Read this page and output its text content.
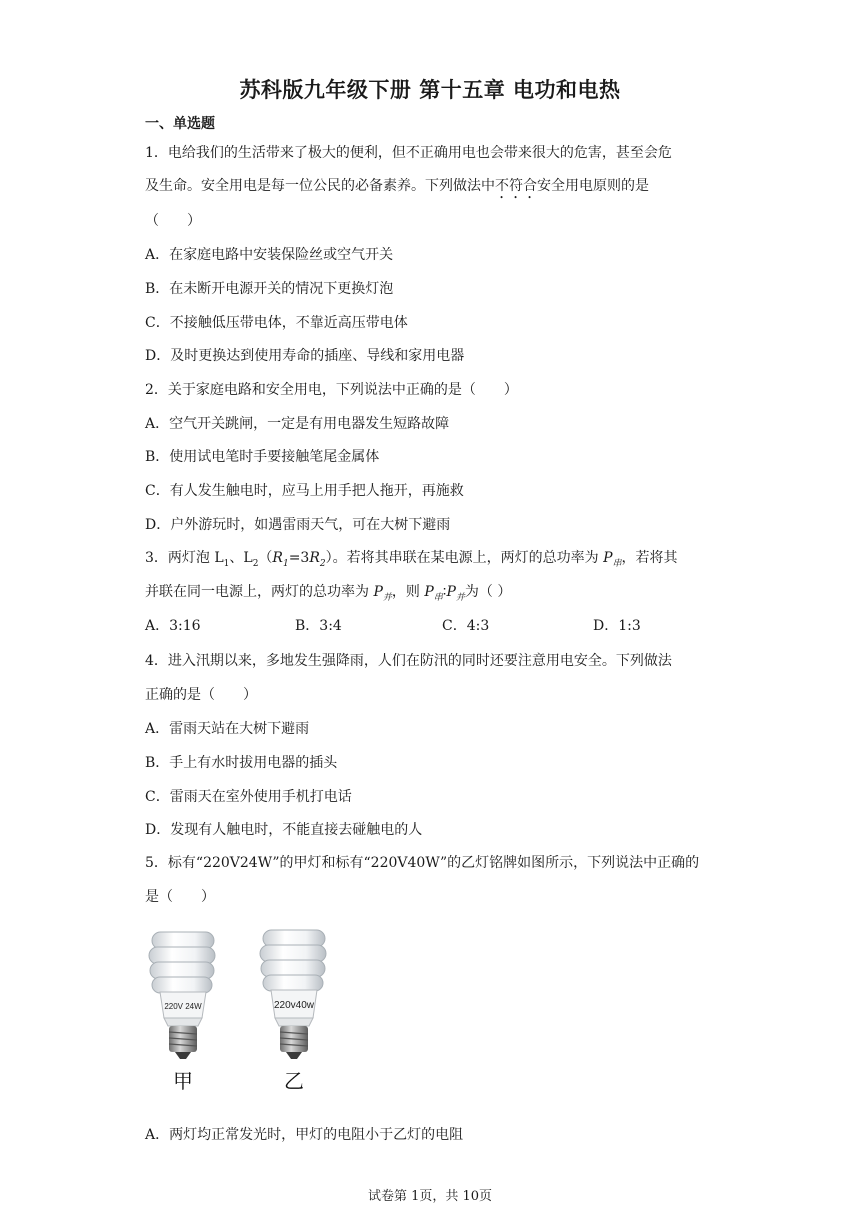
苏科版九年级下册 第十五章 电功和电热
一、单选题
1．电给我们的生活带来了极大的便利，但不正确用电也会带来很大的危害，甚至会危
及生命。安全用电是每一位公民的必备素养。下列做法中不符合安全用电原则的是
（　　）
A．在家庭电路中安装保险丝或空气开关
B．在未断开电源开关的情况下更换灯泡
C．不接触低压带电体，不靠近高压带电体
D．及时更换达到使用寿命的插座、导线和家用电器
2．关于家庭电路和安全用电，下列说法中正确的是（　　）
A．空气开关跳闸，一定是有用电器发生短路故障
B．使用试电笔时手要接触笔尾金属体
C．有人发生触电时，应马上用手把人拖开，再施救
D．户外游玩时，如遇雷雨天气，可在大树下避雨
3．两灯泡 $L_1$、$L_2(R_1=3R_2)$。若将其串联在某电源上，两灯的总功率为 $P_串$，若将其
并联在同一电源上，两灯的总功率为 $P_并$，则 $P_串∶P_并$为（ ）
A．3:16	B．3:4	C．4:3	D．1:3
4．进入汛期以来，多地发生强降雨，人们在防汛的同时还要注意用电安全。下列做法
正确的是（　　）
A．雷雨天站在大树下避雨
B．手上有水时拔用电器的插头
C．雷雨天在室外使用手机打电话
D．发现有人触电时，不能直接去碰触电的人
5．标有“220V24W”的甲灯和标有“220V40W”的乙灯铭牌如图所示，下列说法中正确的
是（　　）
220V 24W
甲
220v40w
乙
A．两灯均正常发光时，甲灯的电阻小于乙灯的电阻
试卷第 1页，共 10页
